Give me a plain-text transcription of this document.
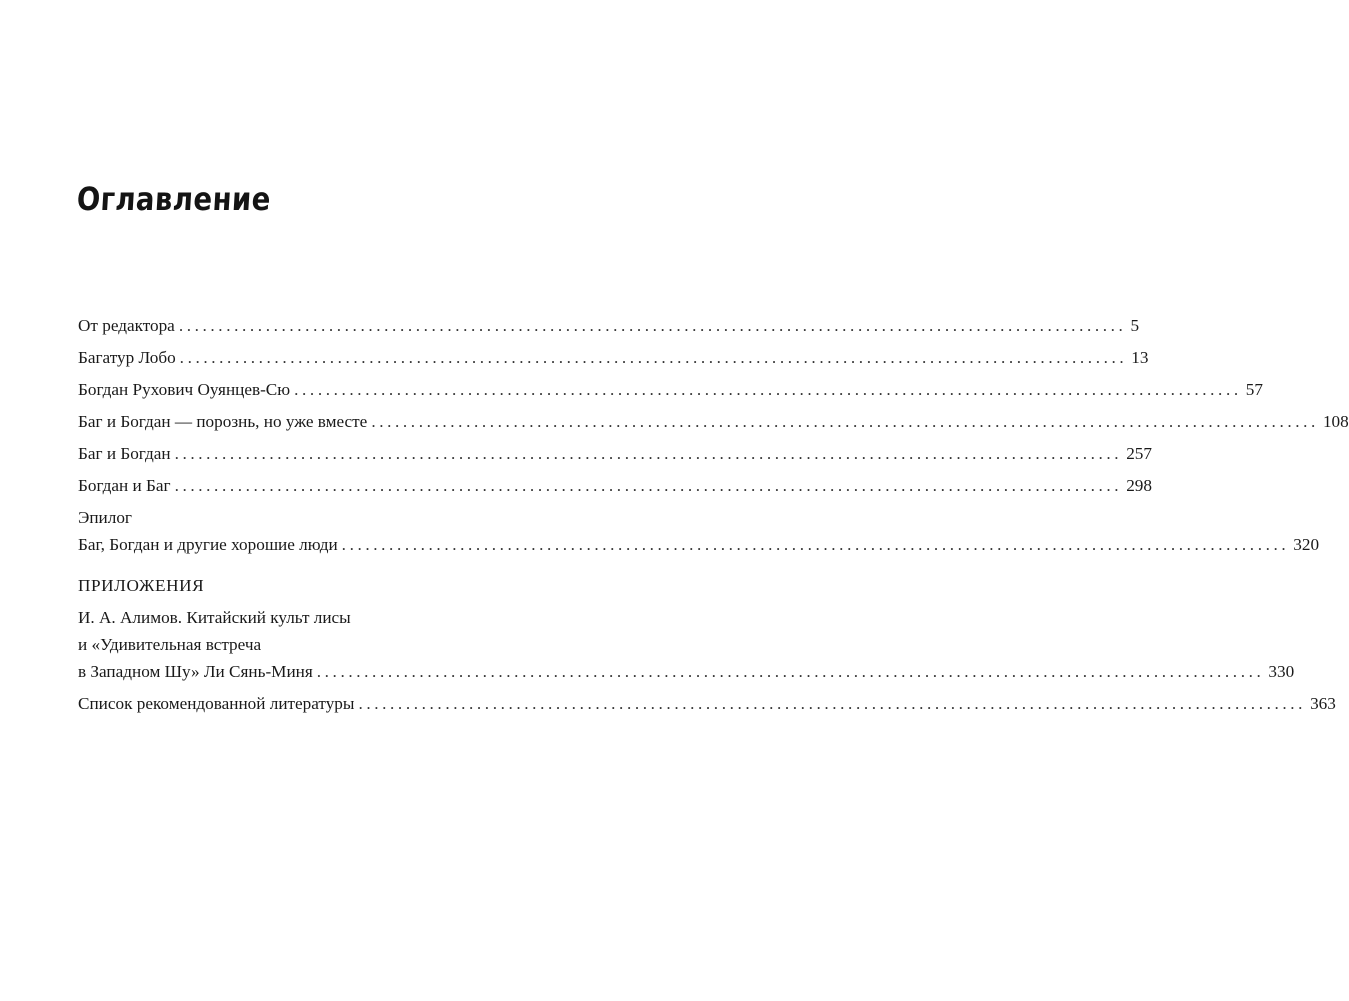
Оглавление
От редактора ........................................................................................................................ 5
Багатур Лобо ........................................................................................................................ 13
Богдан Рухович Оуянцев-Сю ........................................................................................................................ 57
Баг и Богдан — порознь, но уже вместе ........................................................................................................................ 108
Баг и Богдан ........................................................................................................................ 257
Богдан и Баг ........................................................................................................................ 298
Эпилог
Баг, Богдан и другие хорошие люди ........................................................................................................................ 320
ПРИЛОЖЕНИЯ
И. А. Алимов. Китайский культ лисы
и «Удивительная встреча
в Западном Шу» Ли Сянь-Миня ........................................................................................................................ 330
Список рекомендованной литературы ........................................................................................................................ 363
